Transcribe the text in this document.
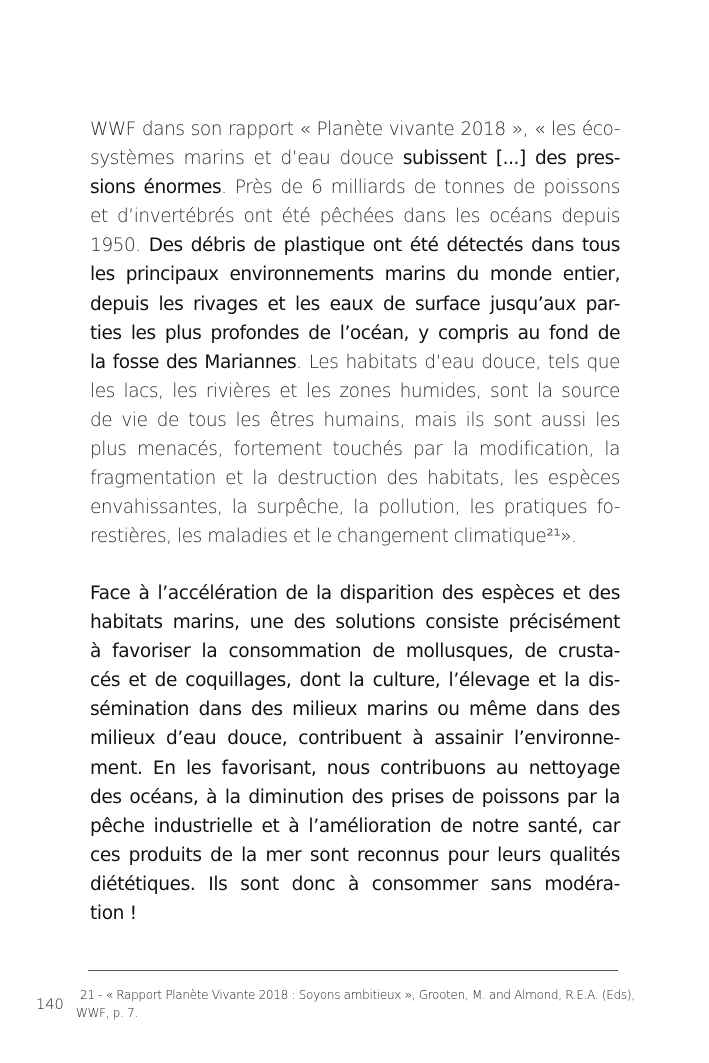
WWF dans son rapport « Planète vivante 2018 », « les éco-
systèmes marins et d’eau douce subissent [...] des pres-
sions énormes. Près de 6 milliards de tonnes de poissons
et d’invertébrés ont été pêchées dans les océans depuis
1950. Des débris de plastique ont été détectés dans tous
les principaux environnements marins du monde entier,
depuis les rivages et les eaux de surface jusqu’aux par-
ties les plus profondes de l’océan, y compris au fond de
la fosse des Mariannes. Les habitats d’eau douce, tels que
les lacs, les rivières et les zones humides, sont la source
de vie de tous les êtres humains, mais ils sont aussi les
plus menacés, fortement touchés par la modification, la
fragmentation et la destruction des habitats, les espèces
envahissantes, la surpêche, la pollution, les pratiques fo-
restières, les maladies et le changement climatique²¹».
Face à l’accélération de la disparition des espèces et des
habitats marins, une des solutions consiste précisément
à favoriser la consommation de mollusques, de crusta-
cés et de coquillages, dont la culture, l’élevage et la dis-
sémination dans des milieux marins ou même dans des
milieux d’eau douce, contribuent à assainir l’environne-
ment. En les favorisant, nous contribuons au nettoyage
des océans, à la diminution des prises de poissons par la
pêche industrielle et à l’amélioration de notre santé, car
ces produits de la mer sont reconnus pour leurs qualités
diététiques. Ils sont donc à consommer sans modéra-
tion !
140
21 - « Rapport Planète Vivante 2018 : Soyons ambitieux », Grooten, M. and Almond, R.E.A. (Eds),
WWF, p. 7.
